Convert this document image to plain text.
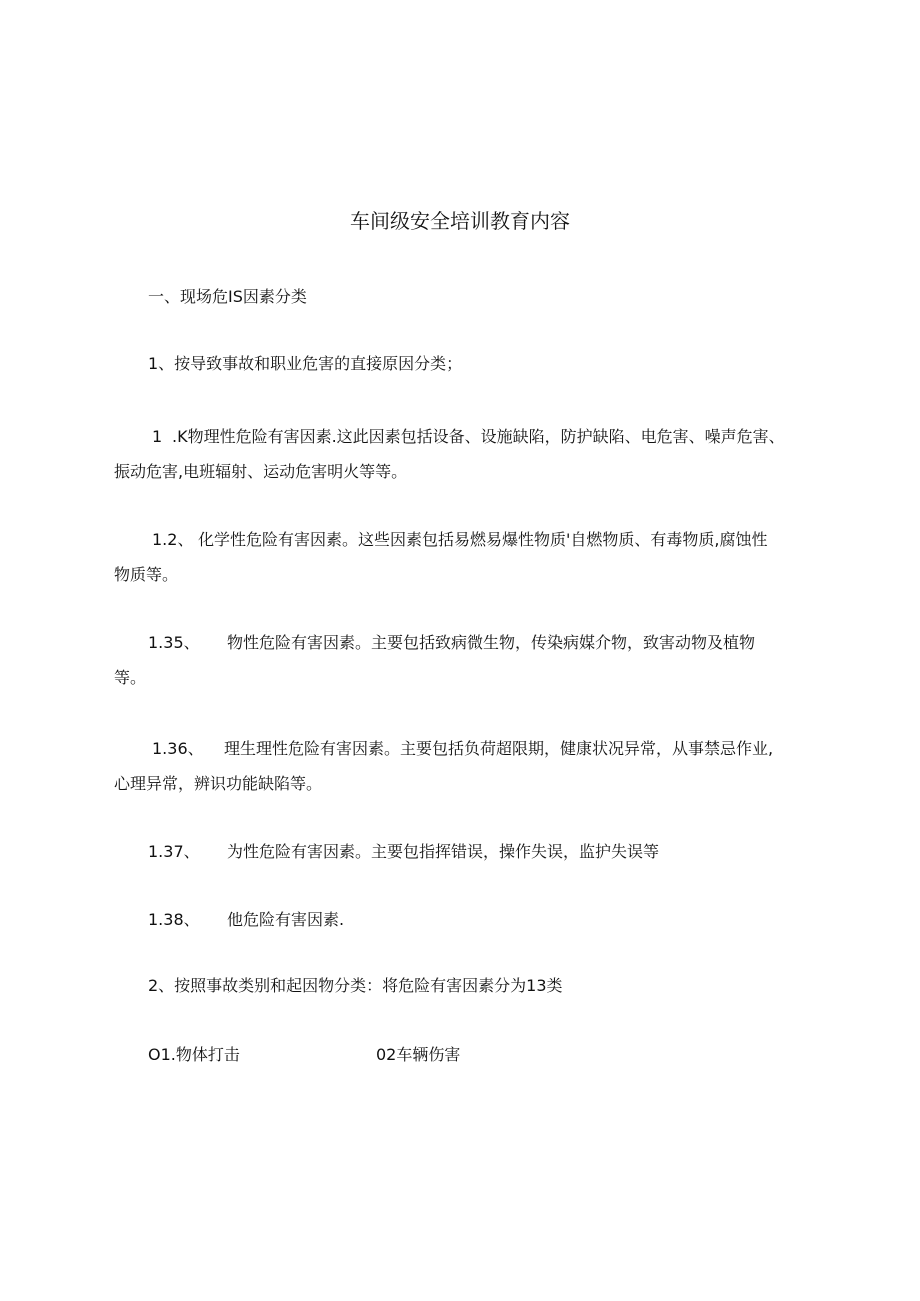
车间级安全培训教育内容
一、现场危IS因素分类
1、按导致事故和职业危害的直接原因分类；
1 .K物理性危险有害因素.这此因素包括设备、设施缺陷，防护缺陷、电危害、噪声危害、
振动危害,电班辐射、运动危害明火等等。
1.2、 化学性危险有害因素。这些因素包括易燃易爆性物质'自燃物质、有毒物质,腐蚀性
物质等。
1.35、 物性危险有害因素。主要包括致病微生物，传染病媒介物，致害动物及植物
等。
1.36、 理生理性危险有害因素。主要包括负荷超限期，健康状况异常，从事禁忌作业,
心理异常，辨识功能缺陷等。
1.37、 为性危险有害因素。主要包指挥错误，操作失误，监护失误等
1.38、 他危险有害因素.
2、按照事故类别和起因物分类：将危险有害因素分为13类
O1.物体打击	02车辆伤害
